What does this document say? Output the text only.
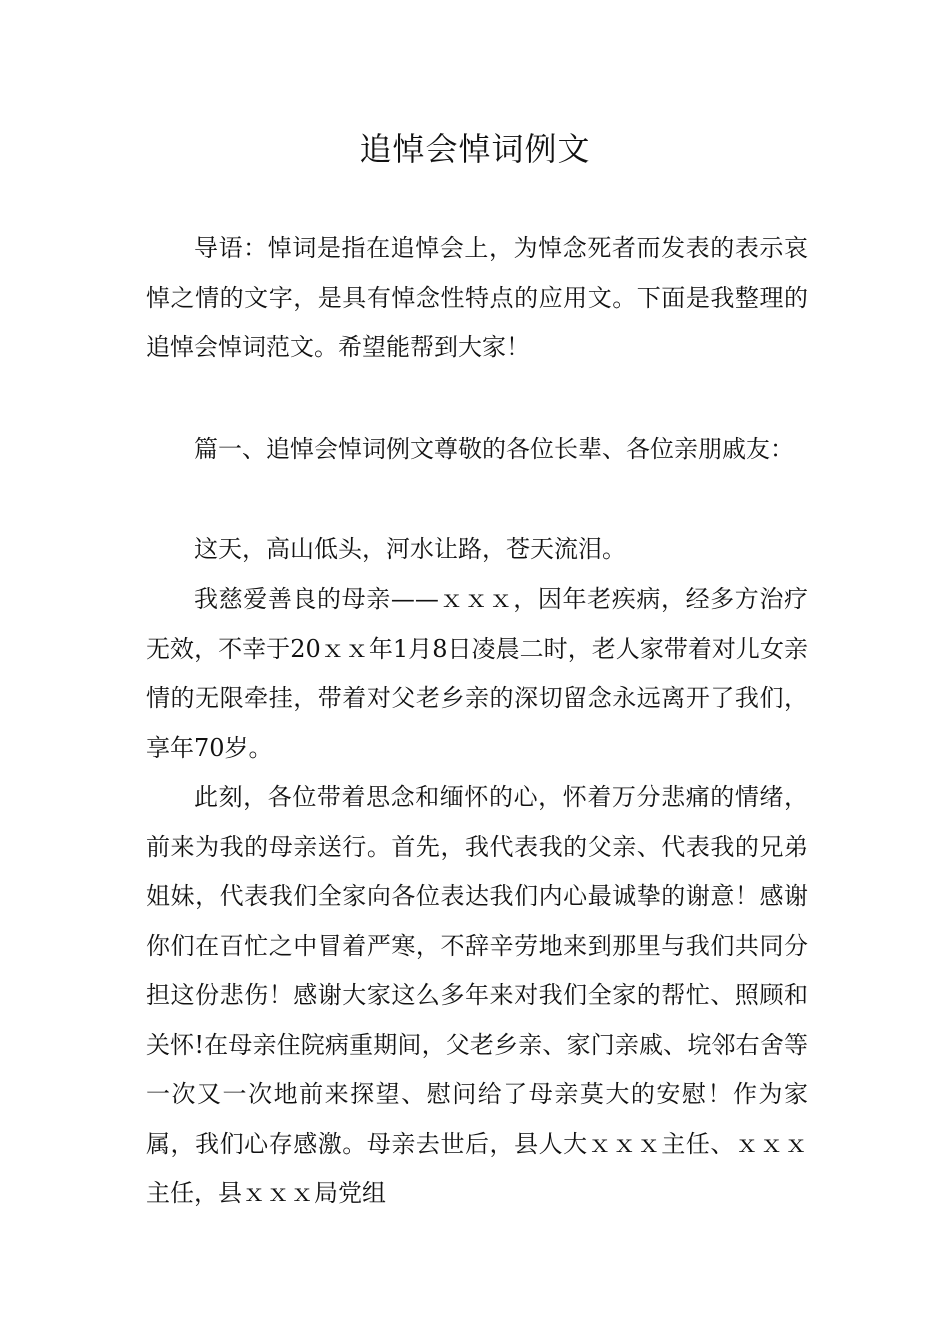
追悼会悼词例文

导语：悼词是指在追悼会上，为悼念死者而发表的表示哀悼之情的文字，是具有悼念性特点的应用文。下面是我整理的追悼会悼词范文。希望能帮到大家！

篇一、追悼会悼词例文尊敬的各位长辈、各位亲朋戚友：

这天，高山低头，河水让路，苍天流泪。

我慈爱善良的母亲——ｘｘｘ，因年老疾病，经多方治疗无效，不幸于20ｘｘ年1月8日凌晨二时，老人家带着对儿女亲情的无限牵挂，带着对父老乡亲的深切留念永远离开了我们，享年70岁。

此刻，各位带着思念和缅怀的心，怀着万分悲痛的情绪，前来为我的母亲送行。首先，我代表我的父亲、代表我的兄弟姐妹，代表我们全家向各位表达我们内心最诚挚的谢意！感谢你们在百忙之中冒着严寒，不辞辛劳地来到那里与我们共同分担这份悲伤！感谢大家这么多年来对我们全家的帮忙、照顾和关怀!在母亲住院病重期间，父老乡亲、家门亲戚、垸邻右舍等一次又一次地前来探望、慰问给了母亲莫大的安慰！作为家属，我们心存感激。母亲去世后，县人大ｘｘｘ主任、ｘｘｘ主任，县ｘｘｘ局党组
